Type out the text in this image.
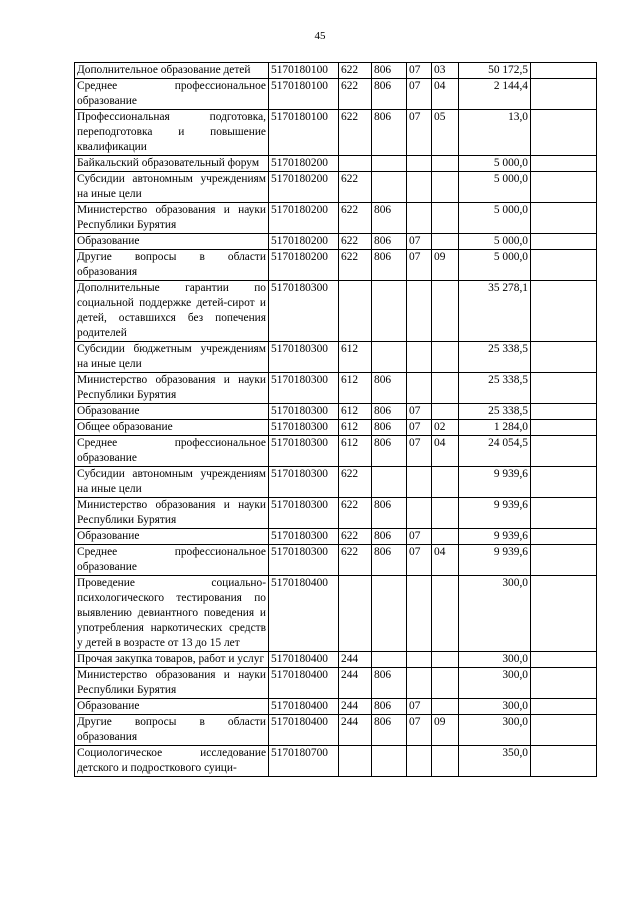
45
Дополнительное образование детей	5170180100	622	806	07	03	50 172,5	
Среднее профессиональное образование	5170180100	622	806	07	04	2 144,4	
Профессиональная подготовка, переподготовка и повышение квалификации	5170180100	622	806	07	05	13,0	
Байкальский образовательный форум	5170180200					5 000,0	
Субсидии автономным учреждениям на иные цели	5170180200	622				5 000,0	
Министерство образования и науки Республики Бурятия	5170180200	622	806			5 000,0	
Образование	5170180200	622	806	07		5 000,0	
Другие вопросы в области образования	5170180200	622	806	07	09	5 000,0	
Дополнительные гарантии по социальной поддержке детей-сирот и детей, оставшихся без попечения родителей	5170180300					35 278,1	
Субсидии бюджетным учреждениям на иные цели	5170180300	612				25 338,5	
Министерство образования и науки Республики Бурятия	5170180300	612	806			25 338,5	
Образование	5170180300	612	806	07		25 338,5	
Общее образование	5170180300	612	806	07	02	1 284,0	
Среднее профессиональное образование	5170180300	612	806	07	04	24 054,5	
Субсидии автономным учреждениям на иные цели	5170180300	622				9 939,6	
Министерство образования и науки Республики Бурятия	5170180300	622	806			9 939,6	
Образование	5170180300	622	806	07		9 939,6	
Среднее профессиональное образование	5170180300	622	806	07	04	9 939,6	
Проведение социально-психологического тестирования по выявлению девиантного поведения и употребления наркотических средств у детей в возрасте от 13 до 15 лет	5170180400					300,0	
Прочая закупка товаров, работ и услуг	5170180400	244				300,0	
Министерство образования и науки Республики Бурятия	5170180400	244	806			300,0	
Образование	5170180400	244	806	07		300,0	
Другие вопросы в области образования	5170180400	244	806	07	09	300,0	
Социологическое исследование детского и подросткового суици-	5170180700					350,0	
